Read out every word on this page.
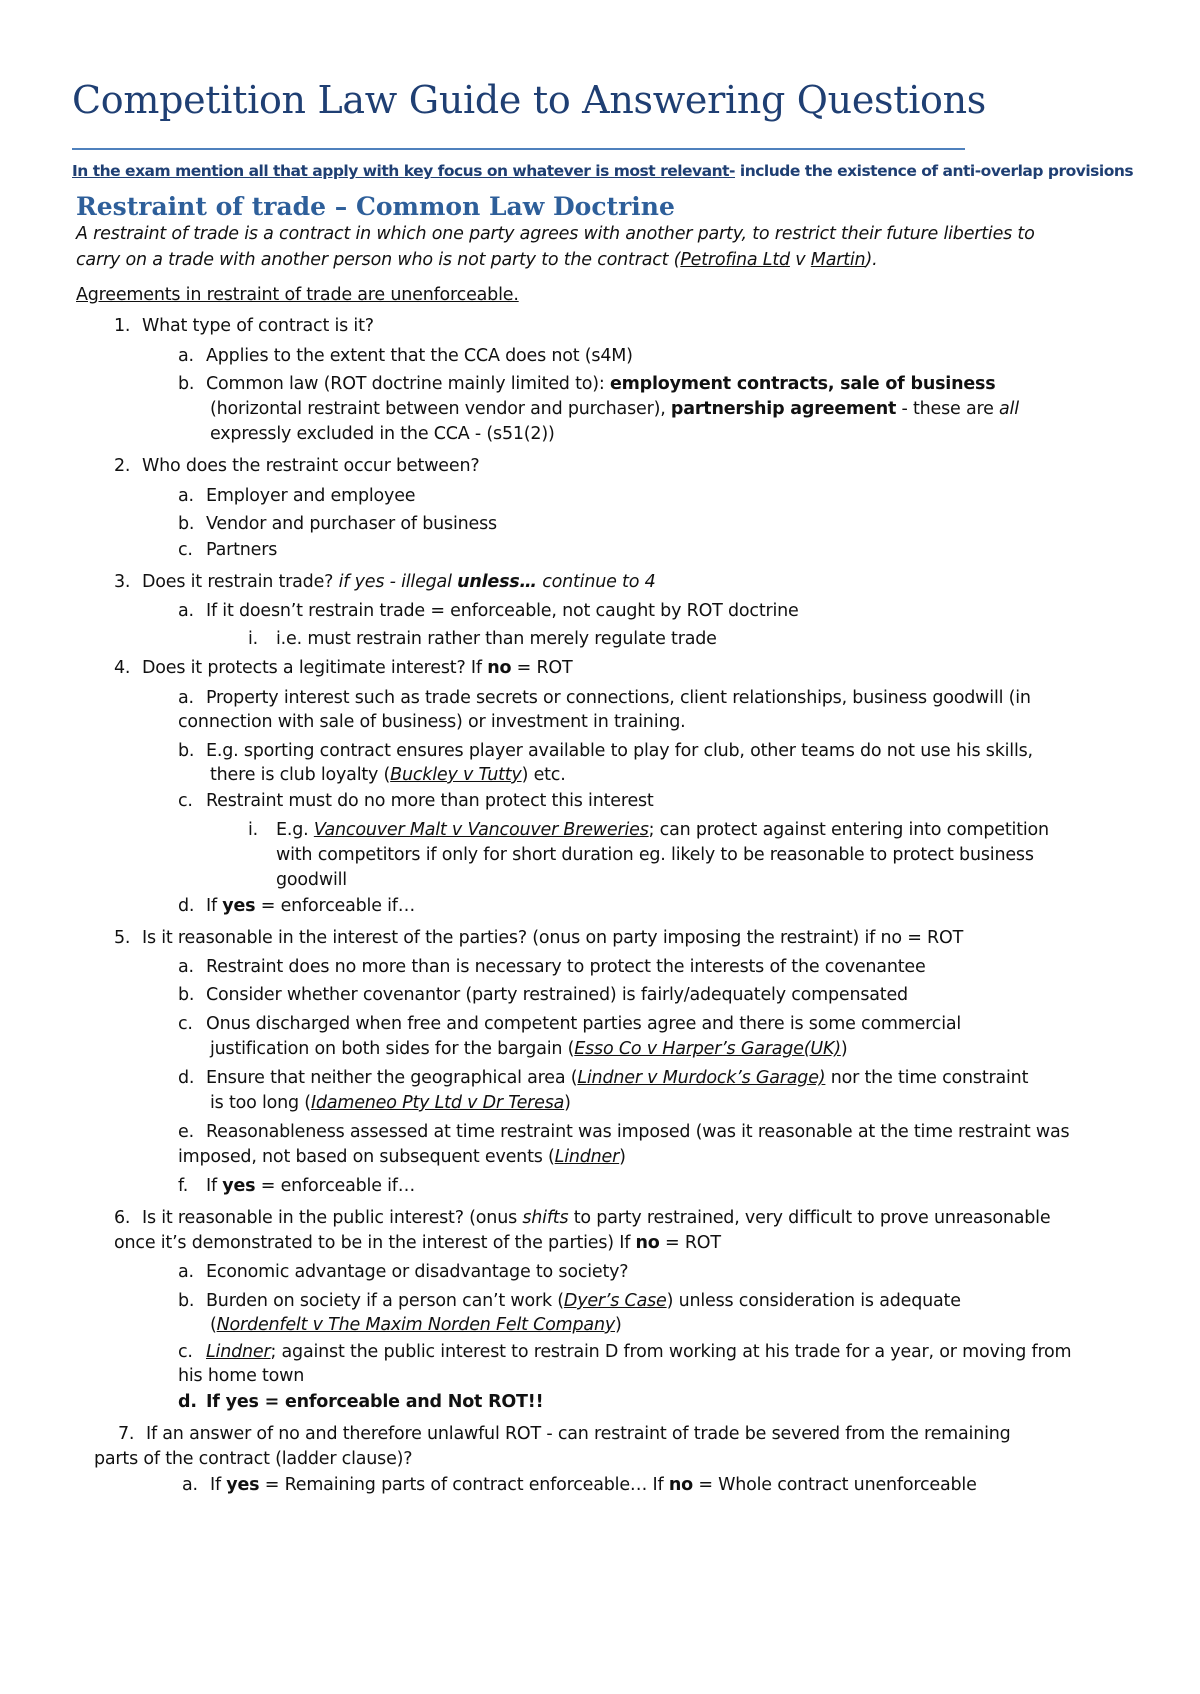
Competition Law Guide to Answering Questions
In the exam mention all that apply with key focus on whatever is most relevant- include the existence of anti-overlap provisions
Restraint of trade – Common Law Doctrine
A restraint of trade is a contract in which one party agrees with another party, to restrict their future liberties to
carry on a trade with another person who is not party to the contract (Petrofina Ltd v Martin).
Agreements in restraint of trade are unenforceable.
1. What type of contract is it?
a. Applies to the extent that the CCA does not (s4M)
b. Common law (ROT doctrine mainly limited to): employment contracts, sale of business
(horizontal restraint between vendor and purchaser), partnership agreement - these are all
expressly excluded in the CCA - (s51(2))
2. Who does the restraint occur between?
a. Employer and employee
b. Vendor and purchaser of business
c. Partners
3. Does it restrain trade? if yes - illegal unless… continue to 4
a. If it doesn’t restrain trade = enforceable, not caught by ROT doctrine
i. i.e. must restrain rather than merely regulate trade
4. Does it protects a legitimate interest? If no = ROT
a. Property interest such as trade secrets or connections, client relationships, business goodwill (in
connection with sale of business) or investment in training.
b. E.g. sporting contract ensures player available to play for club, other teams do not use his skills,
there is club loyalty (Buckley v Tutty) etc.
c. Restraint must do no more than protect this interest
i. E.g. Vancouver Malt v Vancouver Breweries; can protect against entering into competition
with competitors if only for short duration eg. likely to be reasonable to protect business
goodwill
d. If yes = enforceable if…
5. Is it reasonable in the interest of the parties? (onus on party imposing the restraint) if no = ROT
a. Restraint does no more than is necessary to protect the interests of the covenantee
b. Consider whether covenantor (party restrained) is fairly/adequately compensated
c. Onus discharged when free and competent parties agree and there is some commercial
justification on both sides for the bargain (Esso Co v Harper’s Garage(UK))
d. Ensure that neither the geographical area (Lindner v Murdock’s Garage) nor the time constraint
is too long (Idameneo Pty Ltd v Dr Teresa)
e. Reasonableness assessed at time restraint was imposed (was it reasonable at the time restraint was
imposed, not based on subsequent events (Lindner)
f. If yes = enforceable if…
6. Is it reasonable in the public interest? (onus shifts to party restrained, very difficult to prove unreasonable
once it’s demonstrated to be in the interest of the parties) If no = ROT
a. Economic advantage or disadvantage to society?
b. Burden on society if a person can’t work (Dyer’s Case) unless consideration is adequate
(Nordenfelt v The Maxim Norden Felt Company)
c. Lindner; against the public interest to restrain D from working at his trade for a year, or moving from
his home town
d. If yes = enforceable and Not ROT!!
7. If an answer of no and therefore unlawful ROT - can restraint of trade be severed from the remaining
parts of the contract (ladder clause)?
a. If yes = Remaining parts of contract enforceable… If no = Whole contract unenforceable
